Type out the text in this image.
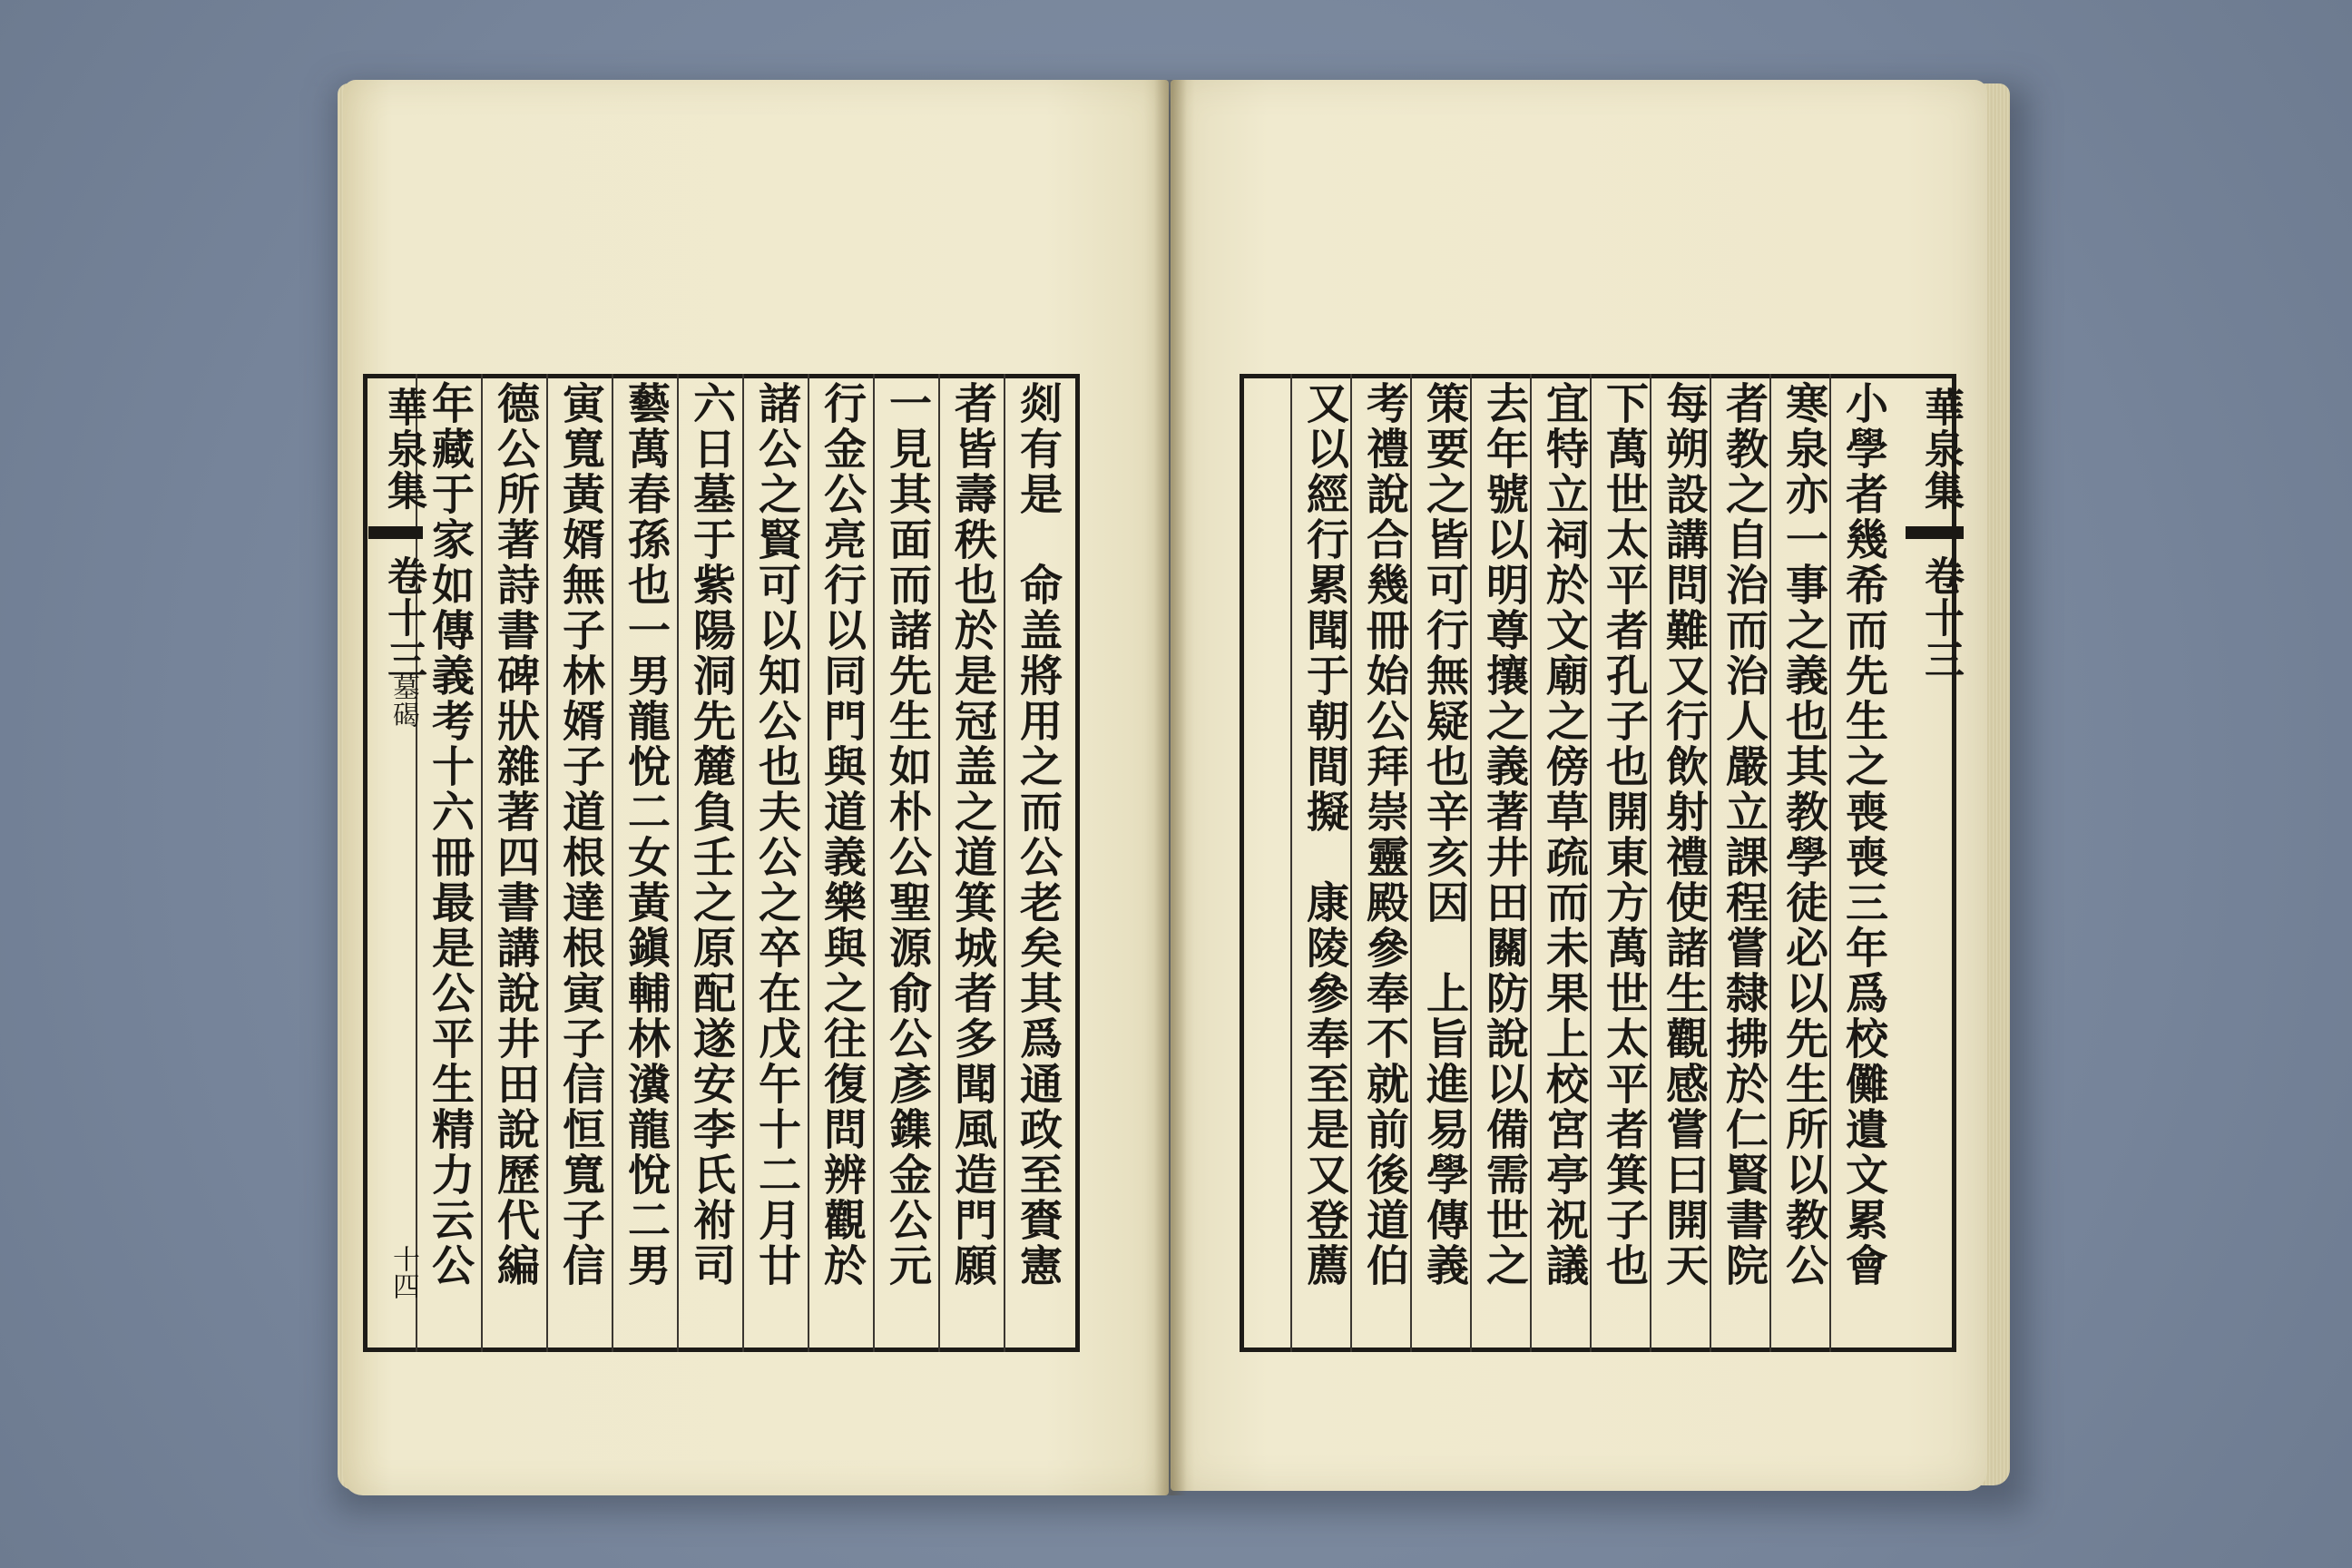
剡有是　命盖將用之而公老矣其爲通政至賚憲
者皆壽秩也於是冠盖之道箕城者多聞風造門願
一見其面而諸先生如朴公聖源俞公彥鏶金公元
行金公亮行以同門與道義樂與之往復問辨觀於
諸公之賢可以知公也夫公之卒在戊午十二月廿
六日墓于紫陽洞先麓負壬之原配遂安李氏祔司
藝萬春孫也一男龍悅二女黃鎭輔林瀵龍悅二男
寅寬黃婿無子林婿子道根達根寅子信恒寬子信
德公所著詩書碑狀雜著四書講說井田說歷代編
年藏于家如傳義考十六冊最是公平生精力云公
華泉集
卷十三
墓碣
十四	小學者幾希而先生之喪喪三年爲校儺遺文累會
寒泉亦一事之義也其教學徒必以先生所以教公
者教之自治而治人嚴立課程嘗隸拂於仁賢書院
每朔設講問難又行飲射禮使諸生觀感嘗曰開天
下萬世太平者孔子也開東方萬世太平者箕子也
宜特立祠於文廟之傍草疏而未果上校宮亭祝議
去年號以明尊攘之義著井田關防說以備需世之
策要之皆可行無疑也辛亥因　上旨進易學傳義
考禮說合幾冊始公拜崇靈殿參奉不就前後道伯
又以經行累聞于朝間擬　康陵參奉至是又登薦	華泉集
卷十三
